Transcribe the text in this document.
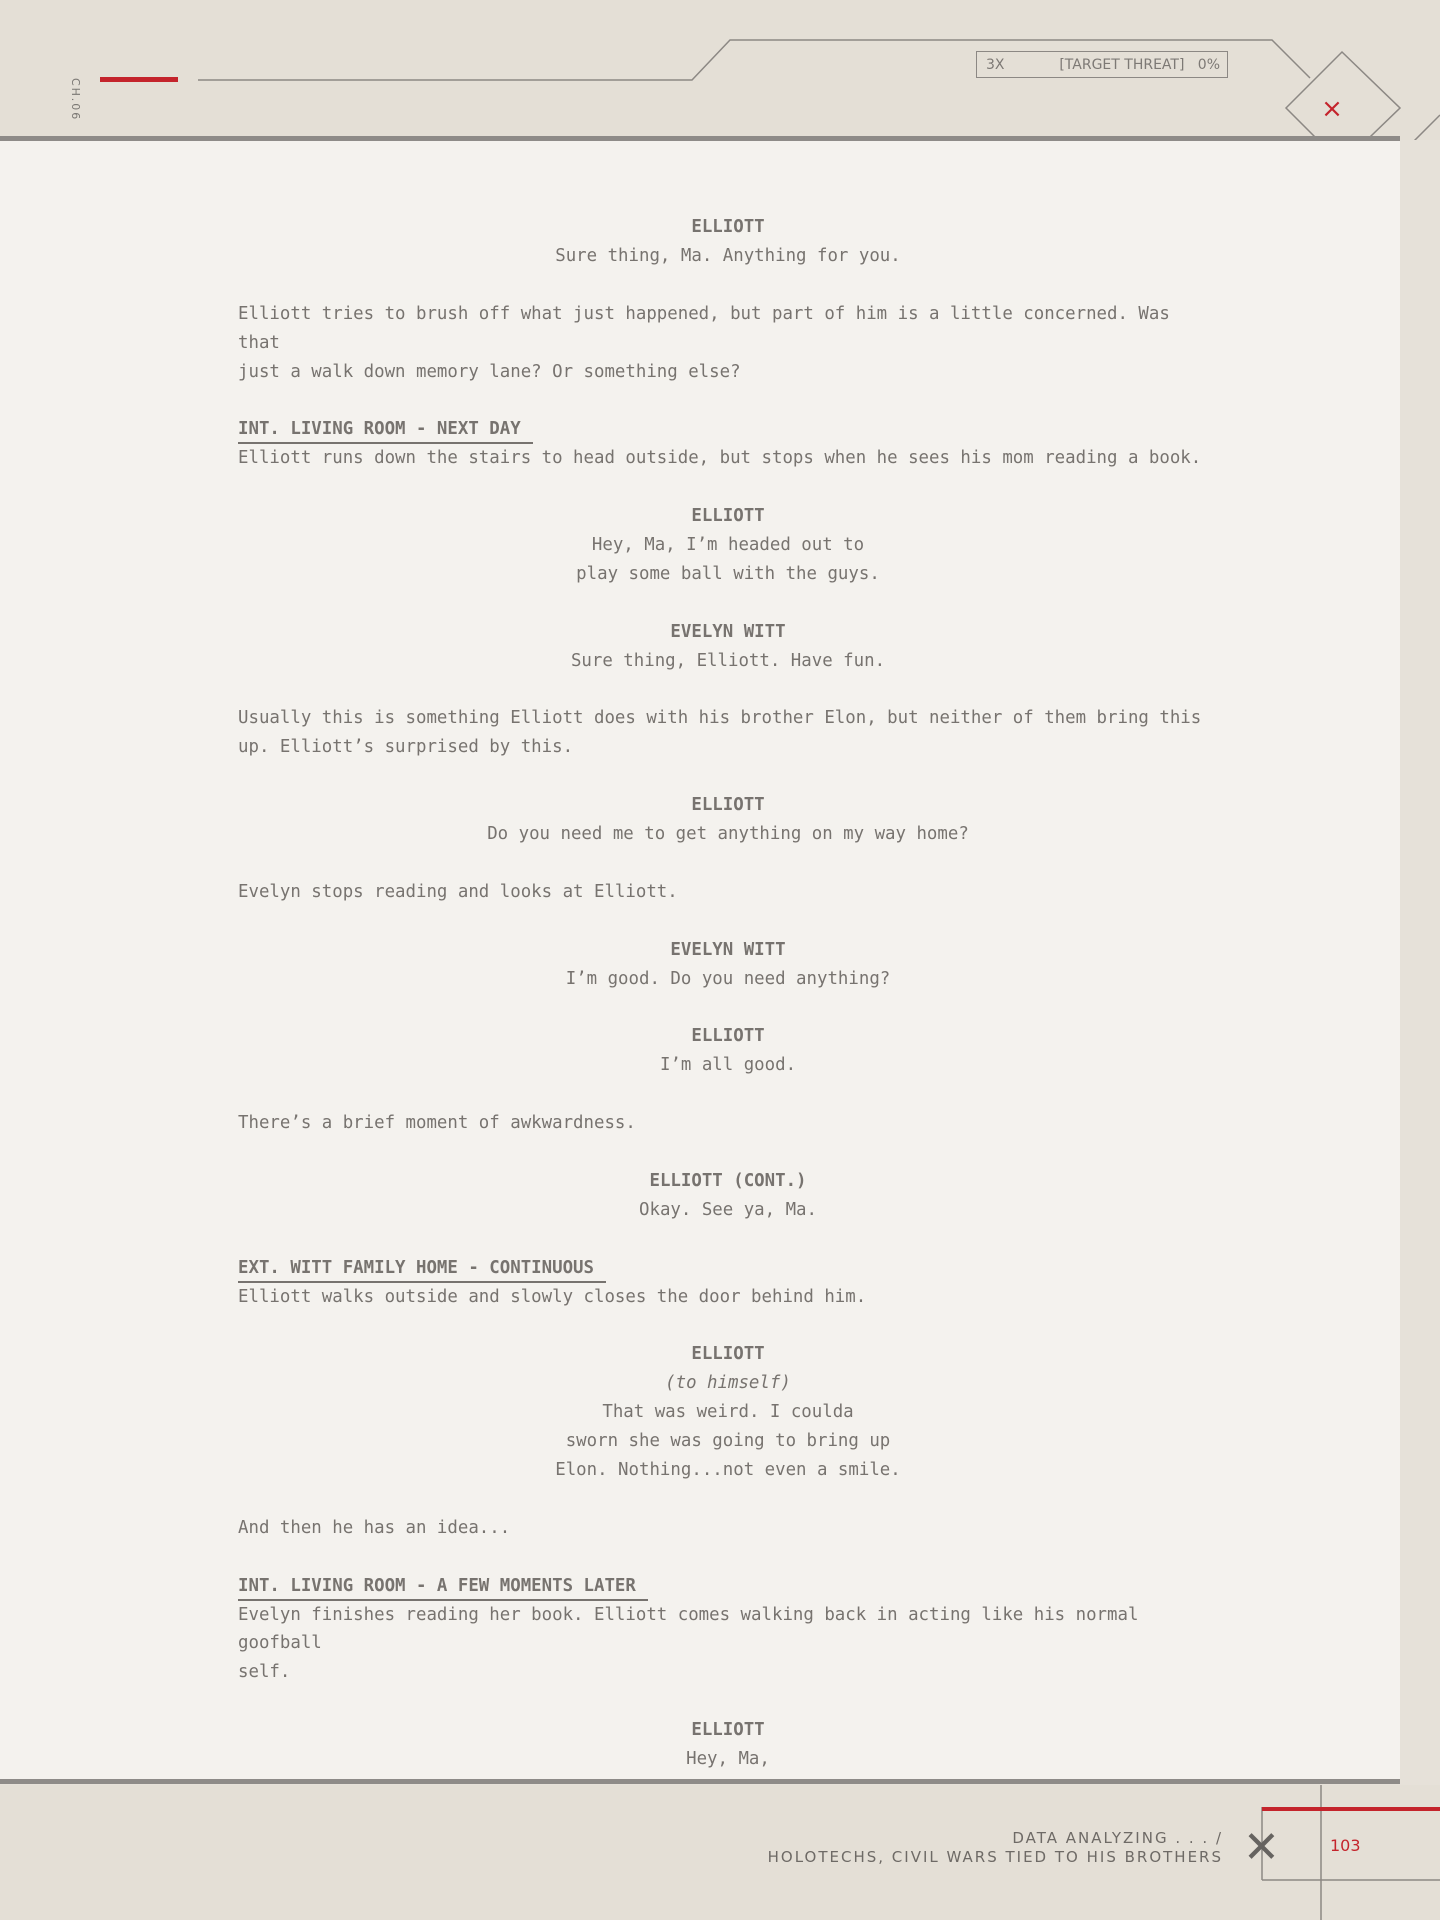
CH.06
3X	[TARGET THREAT] 0%
×
ELLIOTT

Sure thing, Ma. Anything for you.

Elliott tries to brush off what just happened, but part of him is a little concerned. Was that

just a walk down memory lane? Or something else?

INT. LIVING ROOM - NEXT DAY

Elliott runs down the stairs to head outside, but stops when he sees his mom reading a book.

ELLIOTT

Hey, Ma, I’m headed out to

play some ball with the guys.

EVELYN WITT

Sure thing, Elliott. Have fun.

Usually this is something Elliott does with his brother Elon, but neither of them bring this

up. Elliott’s surprised by this.

ELLIOTT

Do you need me to get anything on my way home?

Evelyn stops reading and looks at Elliott.

EVELYN WITT

I’m good. Do you need anything?

ELLIOTT

I’m all good.

There’s a brief moment of awkwardness.

ELLIOTT (CONT.)

Okay. See ya, Ma.

EXT. WITT FAMILY HOME - CONTINUOUS

Elliott walks outside and slowly closes the door behind him.

ELLIOTT
(to himself)

That was weird. I coulda

sworn she was going to bring up

Elon. Nothing...not even a smile.

And then he has an idea...

INT. LIVING ROOM - A FEW MOMENTS LATER

Evelyn finishes reading her book. Elliott comes walking back in acting like his normal goofball

self.

ELLIOTT

Hey, Ma,

DATA ANALYZING . . . /
HOLOTECHS, CIVIL WARS TIED TO HIS BROTHERS ✕	103
